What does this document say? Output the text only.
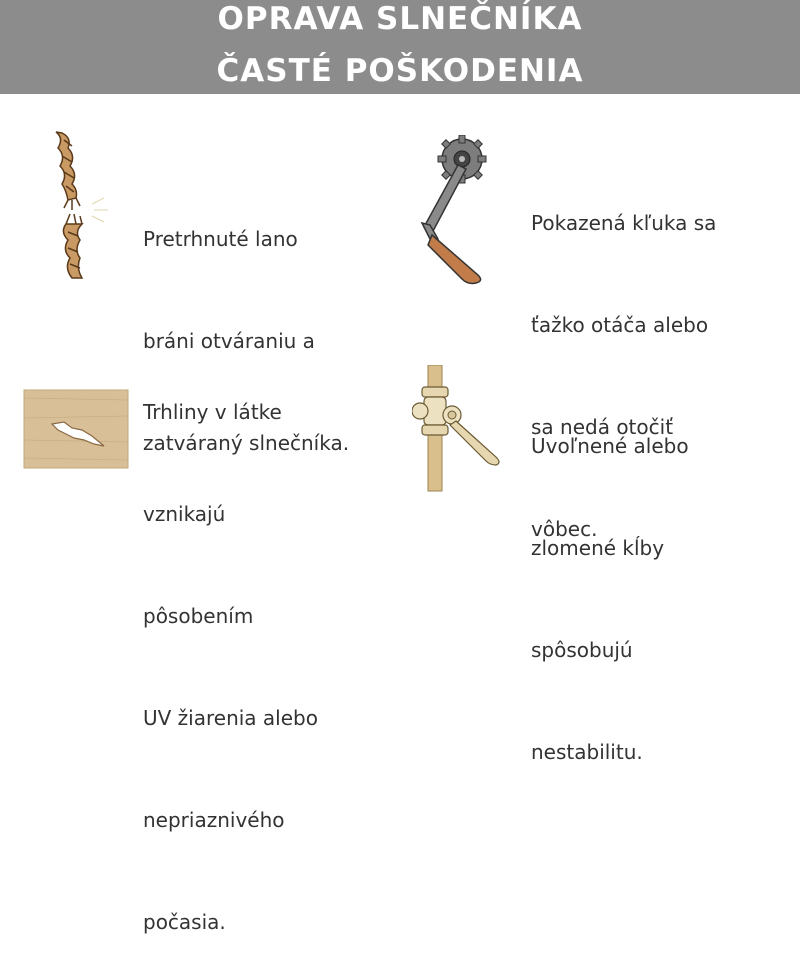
OPRAVA SLNEČNÍKA
ČASTÉ POŠKODENIA

Pretrhnuté lano

bráni otváraniu a

zatváraný slnečníka.

Pokazená kľuka sa

ťažko otáča alebo

sa nedá otočiť

vôbec.

Trhliny v látke

vznikajú

pôsobením

UV žiarenia alebo

nepriaznivého

počasia.

Uvoľnené alebo

zlomené kĺby

spôsobujú

nestabilitu.
